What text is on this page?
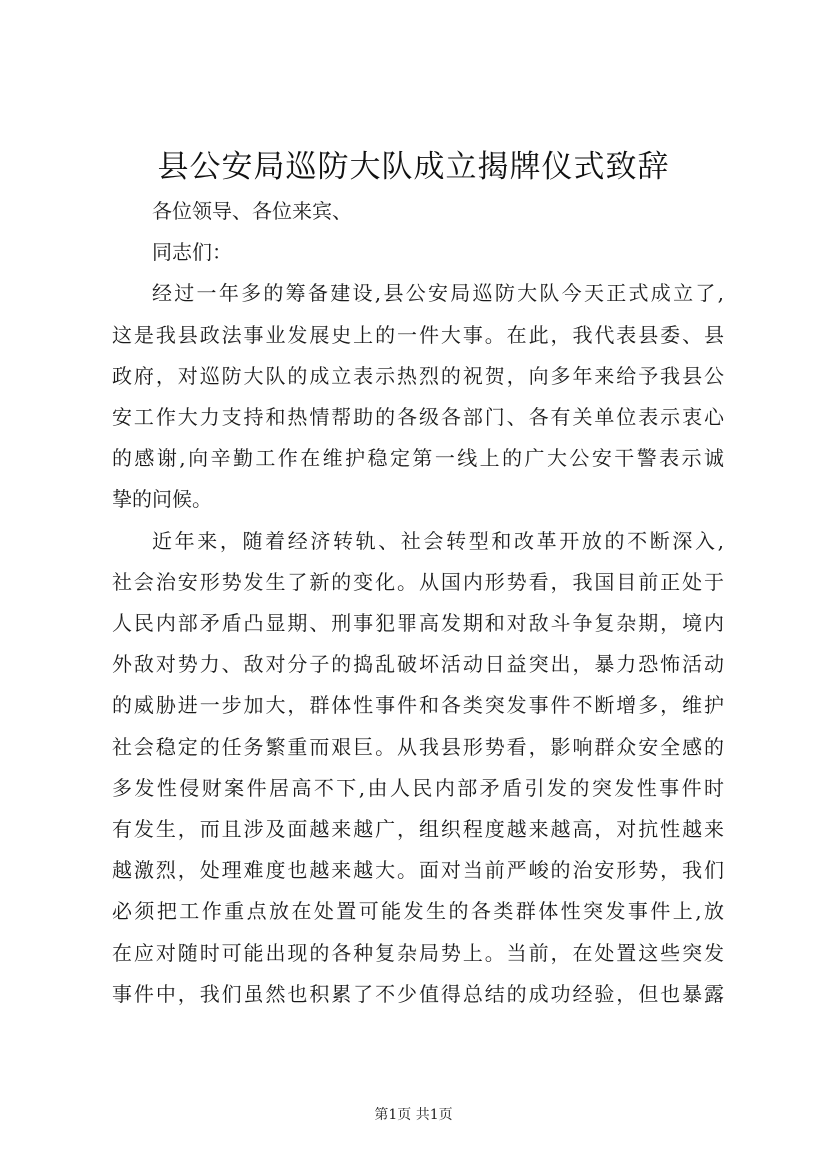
县公安局巡防大队成立揭牌仪式致辞

各位领导、各位来宾、

同志们：

经过一年多的筹备建设,县公安局巡防大队今天正式成立了,
这是我县政法事业发展史上的一件大事。在此，我代表县委、县
政府，对巡防大队的成立表示热烈的祝贺，向多年来给予我县公
安工作大力支持和热情帮助的各级各部门、各有关单位表示衷心
的感谢,向辛勤工作在维护稳定第一线上的广大公安干警表示诚
挚的问候。

近年来，随着经济转轨、社会转型和改革开放的不断深入,
社会治安形势发生了新的变化。从国内形势看，我国目前正处于
人民内部矛盾凸显期、刑事犯罪高发期和对敌斗争复杂期，境内
外敌对势力、敌对分子的捣乱破坏活动日益突出，暴力恐怖活动
的威胁进一步加大，群体性事件和各类突发事件不断增多，维护
社会稳定的任务繁重而艰巨。从我县形势看，影响群众安全感的
多发性侵财案件居高不下,由人民内部矛盾引发的突发性事件时
有发生，而且涉及面越来越广，组织程度越来越高，对抗性越来
越激烈，处理难度也越来越大。面对当前严峻的治安形势，我们
必须把工作重点放在处置可能发生的各类群体性突发事件上,放
在应对随时可能出现的各种复杂局势上。当前，在处置这些突发
事件中，我们虽然也积累了不少值得总结的成功经验，但也暴露

第1页 共1页
